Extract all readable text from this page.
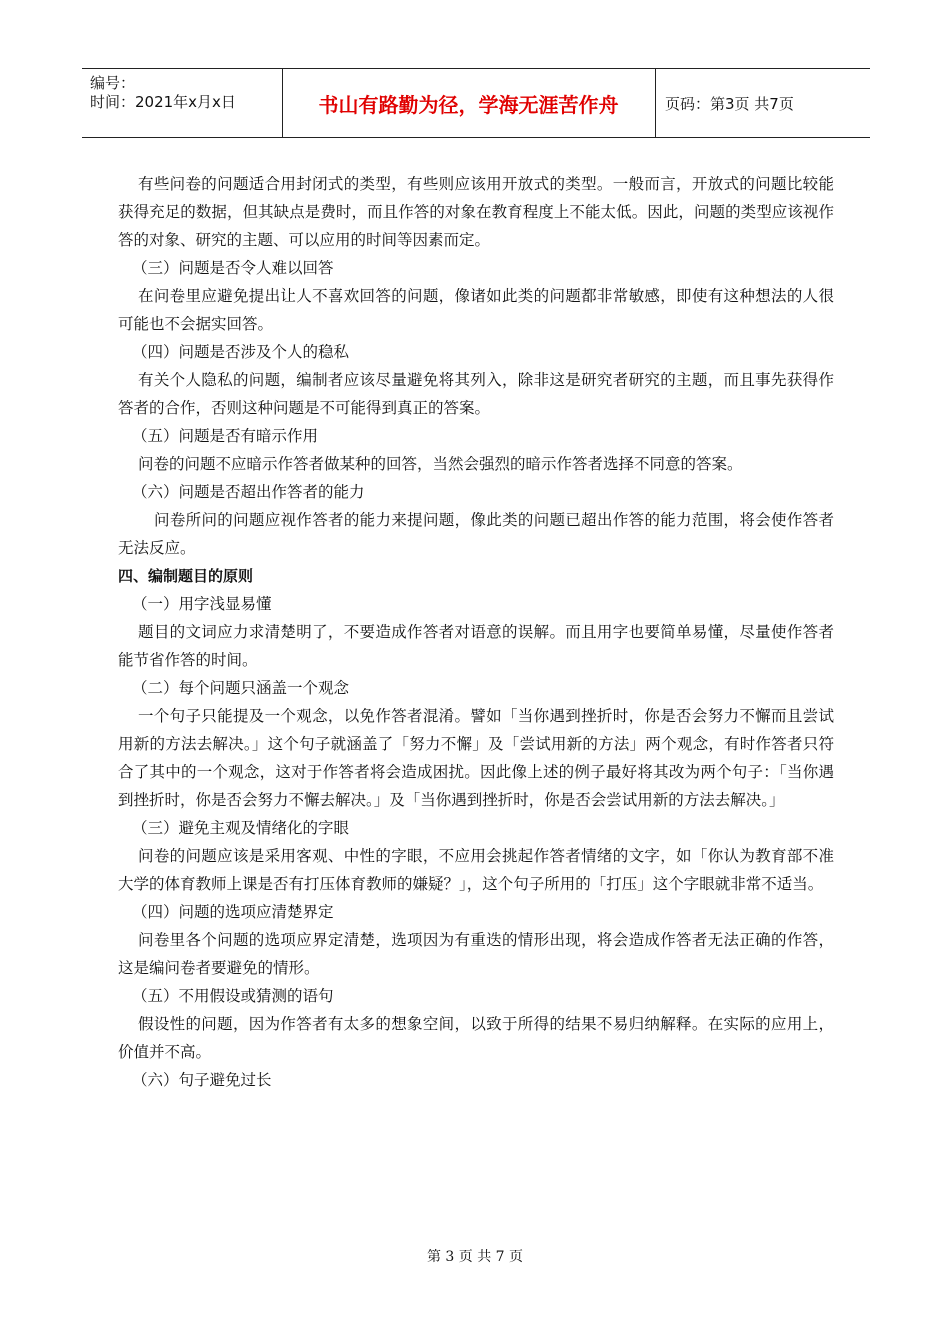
编号：
时间：2021年x月x日	书山有路勤为径，学海无涯苦作舟	页码：第3页 共7页

有些问卷的问题适合用封闭式的类型，有些则应该用开放式的类型。一般而言，开放式的问题比较能获得充足的数据，但其缺点是费时，而且作答的对象在教育程度上不能太低。因此，问题的类型应该视作答的对象、研究的主题、可以应用的时间等因素而定。

（三）问题是否令人难以回答

在问卷里应避免提出让人不喜欢回答的问题，像诸如此类的问题都非常敏感，即使有这种想法的人很可能也不会据实回答。

（四）问题是否涉及个人的稳私

有关个人隐私的问题，编制者应该尽量避免将其列入，除非这是研究者研究的主题，而且事先获得作答者的合作，否则这种问题是不可能得到真正的答案。

（五）问题是否有暗示作用

问卷的问题不应暗示作答者做某种的回答，当然会强烈的暗示作答者选择不同意的答案。

（六）问题是否超出作答者的能力

问卷所问的问题应视作答者的能力来提问题，像此类的问题已超出作答的能力范围，将会使作答者无法反应。

四、编制题目的原则

（一）用字浅显易懂

题目的文词应力求清楚明了，不要造成作答者对语意的误解。而且用字也要简单易懂，尽量使作答者能节省作答的时间。

（二）每个问题只涵盖一个观念

一个句子只能提及一个观念，以免作答者混淆。譬如「当你遇到挫折时，你是否会努力不懈而且尝试用新的方法去解决。」这个句子就涵盖了「努力不懈」及「尝试用新的方法」两个观念，有时作答者只符合了其中的一个观念，这对于作答者将会造成困扰。因此像上述的例子最好将其改为两个句子：「当你遇到挫折时，你是否会努力不懈去解决。」及「当你遇到挫折时，你是否会尝试用新的方法去解决。」

（三）避免主观及情绪化的字眼

问卷的问题应该是采用客观、中性的字眼，不应用会挑起作答者情绪的文字，如「你认为教育部不准大学的体育教师上课是否有打压体育教师的嫌疑？」，这个句子所用的「打压」这个字眼就非常不适当。

（四）问题的选项应清楚界定

问卷里各个问题的选项应界定清楚，选项因为有重迭的情形出现，将会造成作答者无法正确的作答，这是编问卷者要避免的情形。

（五）不用假设或猜测的语句

假设性的问题，因为作答者有太多的想象空间，以致于所得的结果不易归纳解释。在实际的应用上，价值并不高。

（六）句子避免过长

第 3 页 共 7 页
